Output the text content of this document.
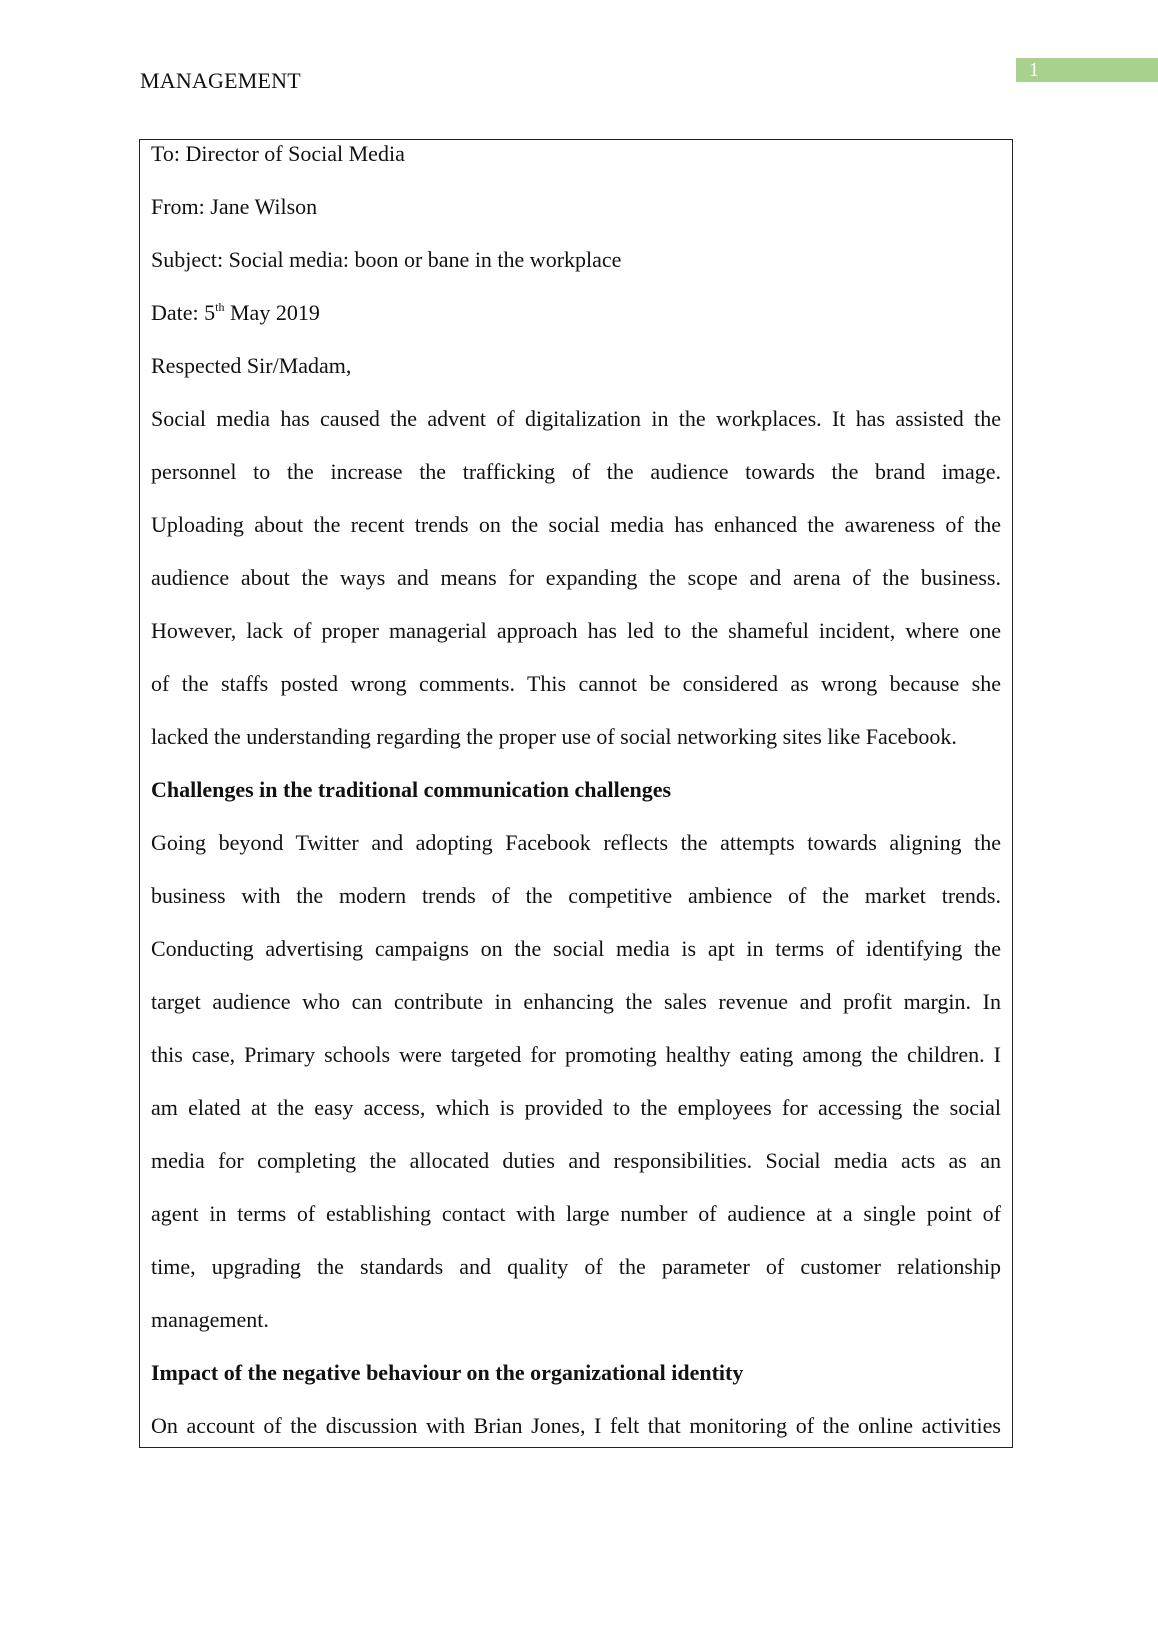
1
MANAGEMENT
To: Director of Social Media
From: Jane Wilson
Subject: Social media: boon or bane in the workplace
Date: 5th May 2019
Respected Sir/Madam,
Social media has caused the advent of digitalization in the workplaces. It has assisted the
personnel to the increase the trafficking of the audience towards the brand image.
Uploading about the recent trends on the social media has enhanced the awareness of the
audience about the ways and means for expanding the scope and arena of the business.
However, lack of proper managerial approach has led to the shameful incident, where one
of the staffs posted wrong comments. This cannot be considered as wrong because she
lacked the understanding regarding the proper use of social networking sites like Facebook.
Challenges in the traditional communication challenges
Going beyond Twitter and adopting Facebook reflects the attempts towards aligning the
business with the modern trends of the competitive ambience of the market trends.
Conducting advertising campaigns on the social media is apt in terms of identifying the
target audience who can contribute in enhancing the sales revenue and profit margin. In
this case, Primary schools were targeted for promoting healthy eating among the children. I
am elated at the easy access, which is provided to the employees for accessing the social
media for completing the allocated duties and responsibilities. Social media acts as an
agent in terms of establishing contact with large number of audience at a single point of
time, upgrading the standards and quality of the parameter of customer relationship
management.
Impact of the negative behaviour on the organizational identity
On account of the discussion with Brian Jones, I felt that monitoring of the online activities
